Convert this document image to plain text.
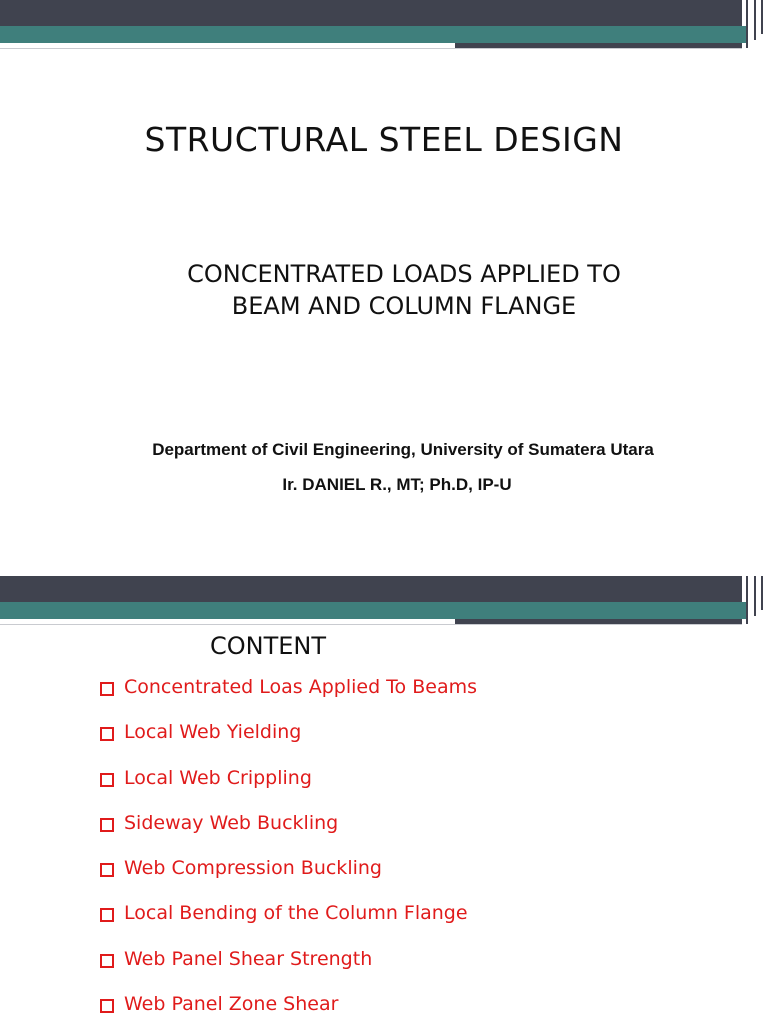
STRUCTURAL STEEL DESIGN
CONCENTRATED LOADS APPLIED TO
BEAM AND COLUMN FLANGE
Department of Civil Engineering, University of Sumatera Utara
Ir. DANIEL R., MT; Ph.D, IP-U
CONTENT
Concentrated Loas Applied To Beams
Local Web Yielding
Local Web Crippling
Sideway Web Buckling
Web Compression Buckling
Local Bending of the Column Flange
Web Panel Shear Strength
Web Panel Zone Shear
